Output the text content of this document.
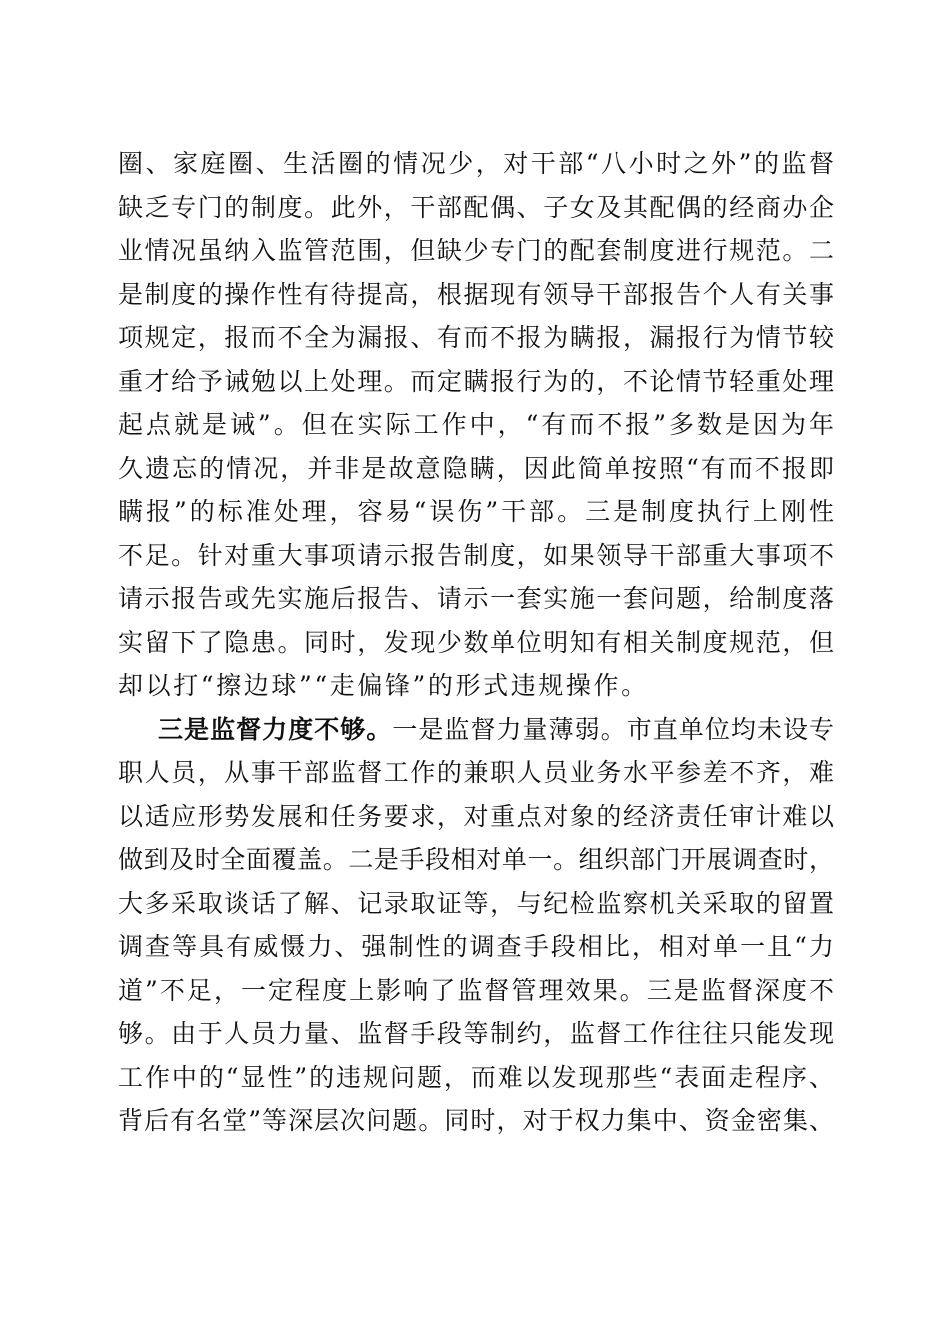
圈、家庭圈、生活圈的情况少，对干部“八小时之外”的监督
缺乏专门的制度。此外，干部配偶、子女及其配偶的经商办企
业情况虽纳入监管范围，但缺少专门的配套制度进行规范。二
是制度的操作性有待提高，根据现有领导干部报告个人有关事
项规定，报而不全为漏报、有而不报为瞒报，漏报行为情节较
重才给予诫勉以上处理。而定瞒报行为的，不论情节轻重处理
起点就是诫”。但在实际工作中，“有而不报”多数是因为年
久遗忘的情况，并非是故意隐瞒，因此简单按照“有而不报即
瞒报”的标准处理，容易“误伤”干部。三是制度执行上刚性
不足。针对重大事项请示报告制度，如果领导干部重大事项不
请示报告或先实施后报告、请示一套实施一套问题，给制度落
实留下了隐患。同时，发现少数单位明知有相关制度规范，但
却以打“擦边球”“走偏锋”的形式违规操作。
三是监督力度不够。一是监督力量薄弱。市直单位均未设专
职人员，从事干部监督工作的兼职人员业务水平参差不齐，难
以适应形势发展和任务要求，对重点对象的经济责任审计难以
做到及时全面覆盖。二是手段相对单一。组织部门开展调查时，
大多采取谈话了解、记录取证等，与纪检监察机关采取的留置
调查等具有威慑力、强制性的调查手段相比，相对单一且“力
道”不足，一定程度上影响了监督管理效果。三是监督深度不
够。由于人员力量、监督手段等制约，监督工作往往只能发现
工作中的“显性”的违规问题，而难以发现那些“表面走程序、
背后有名堂”等深层次问题。同时，对于权力集中、资金密集、
